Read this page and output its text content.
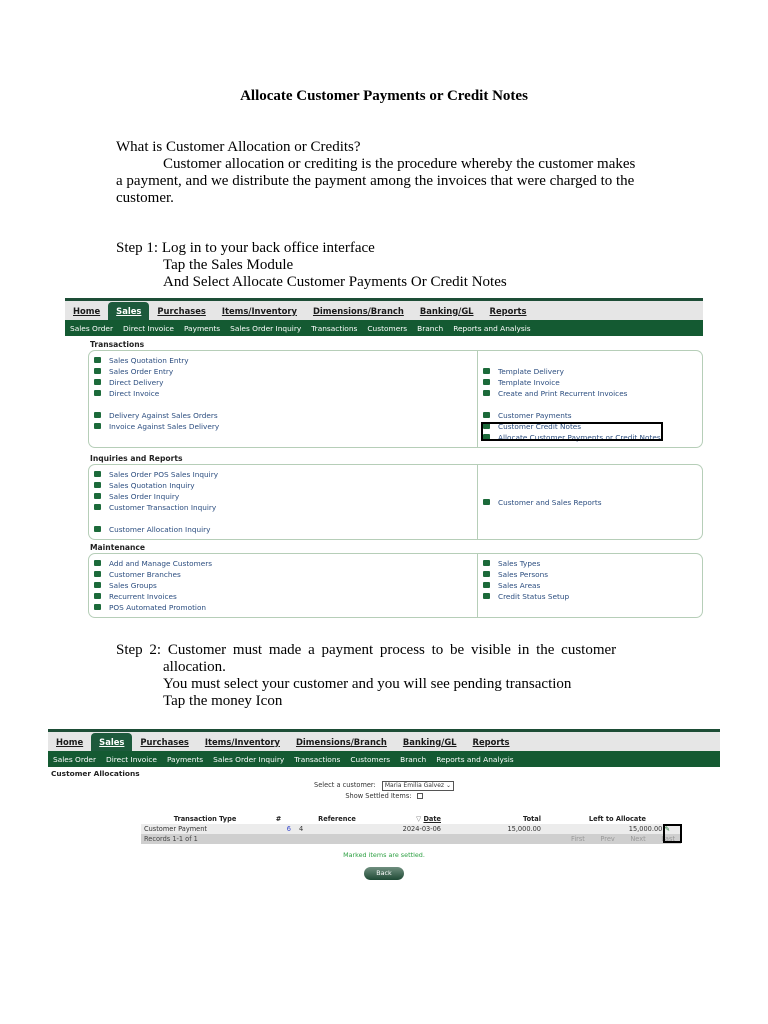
Allocate Customer Payments or Credit Notes
What is Customer Allocation or Credits?
Customer allocation or crediting is the procedure whereby the customer makes
a payment, and we distribute the payment among the invoices that were charged to the
customer.
Step 1: Log in to your back office interface
Tap the Sales Module
And Select Allocate Customer Payments Or Credit Notes
Home Sales Purchases Items/Inventory Dimensions/Branch Banking/GL Reports
Sales Order	Direct Invoice	Payments	Sales Order Inquiry	Transactions	Customers	Branch	Reports and Analysis
Transactions
Sales Quotation Entry
Sales Order Entry
Direct Delivery
Direct Invoice
Delivery Against Sales Orders
Invoice Against Sales Delivery
Template Delivery
Template Invoice
Create and Print Recurrent Invoices
Customer Payments
Customer Credit Notes
Allocate Customer Payments or Credit Notes
Inquiries and Reports
Sales Order POS Sales Inquiry
Sales Quotation Inquiry
Sales Order Inquiry
Customer Transaction Inquiry
Customer Allocation Inquiry
Customer and Sales Reports
Maintenance
Add and Manage Customers
Customer Branches
Sales Groups
Recurrent Invoices
POS Automated Promotion
Sales Types
Sales Persons
Sales Areas
Credit Status Setup
Step 2: Customer must made a payment process to be visible in the customer
allocation.
You must select your customer and you will see pending transaction
Tap the money Icon
Home Sales Purchases Items/Inventory Dimensions/Branch Banking/GL Reports
Sales Order	Direct Invoice	Payments	Sales Order Inquiry	Transactions	Customers	Branch	Reports and Analysis
Customer Allocations
Select a customer: Maria Emilia Galvez ⌄
Show Settled Items:
Transaction Type	#	Reference	▽ Date	Total	Left to Allocate
Customer Payment	6	4	2024-03-06	15,000.00	15,000.00 ✎
Records 1-1 of 1	First Prev Next Last
Marked items are settled.
Back
